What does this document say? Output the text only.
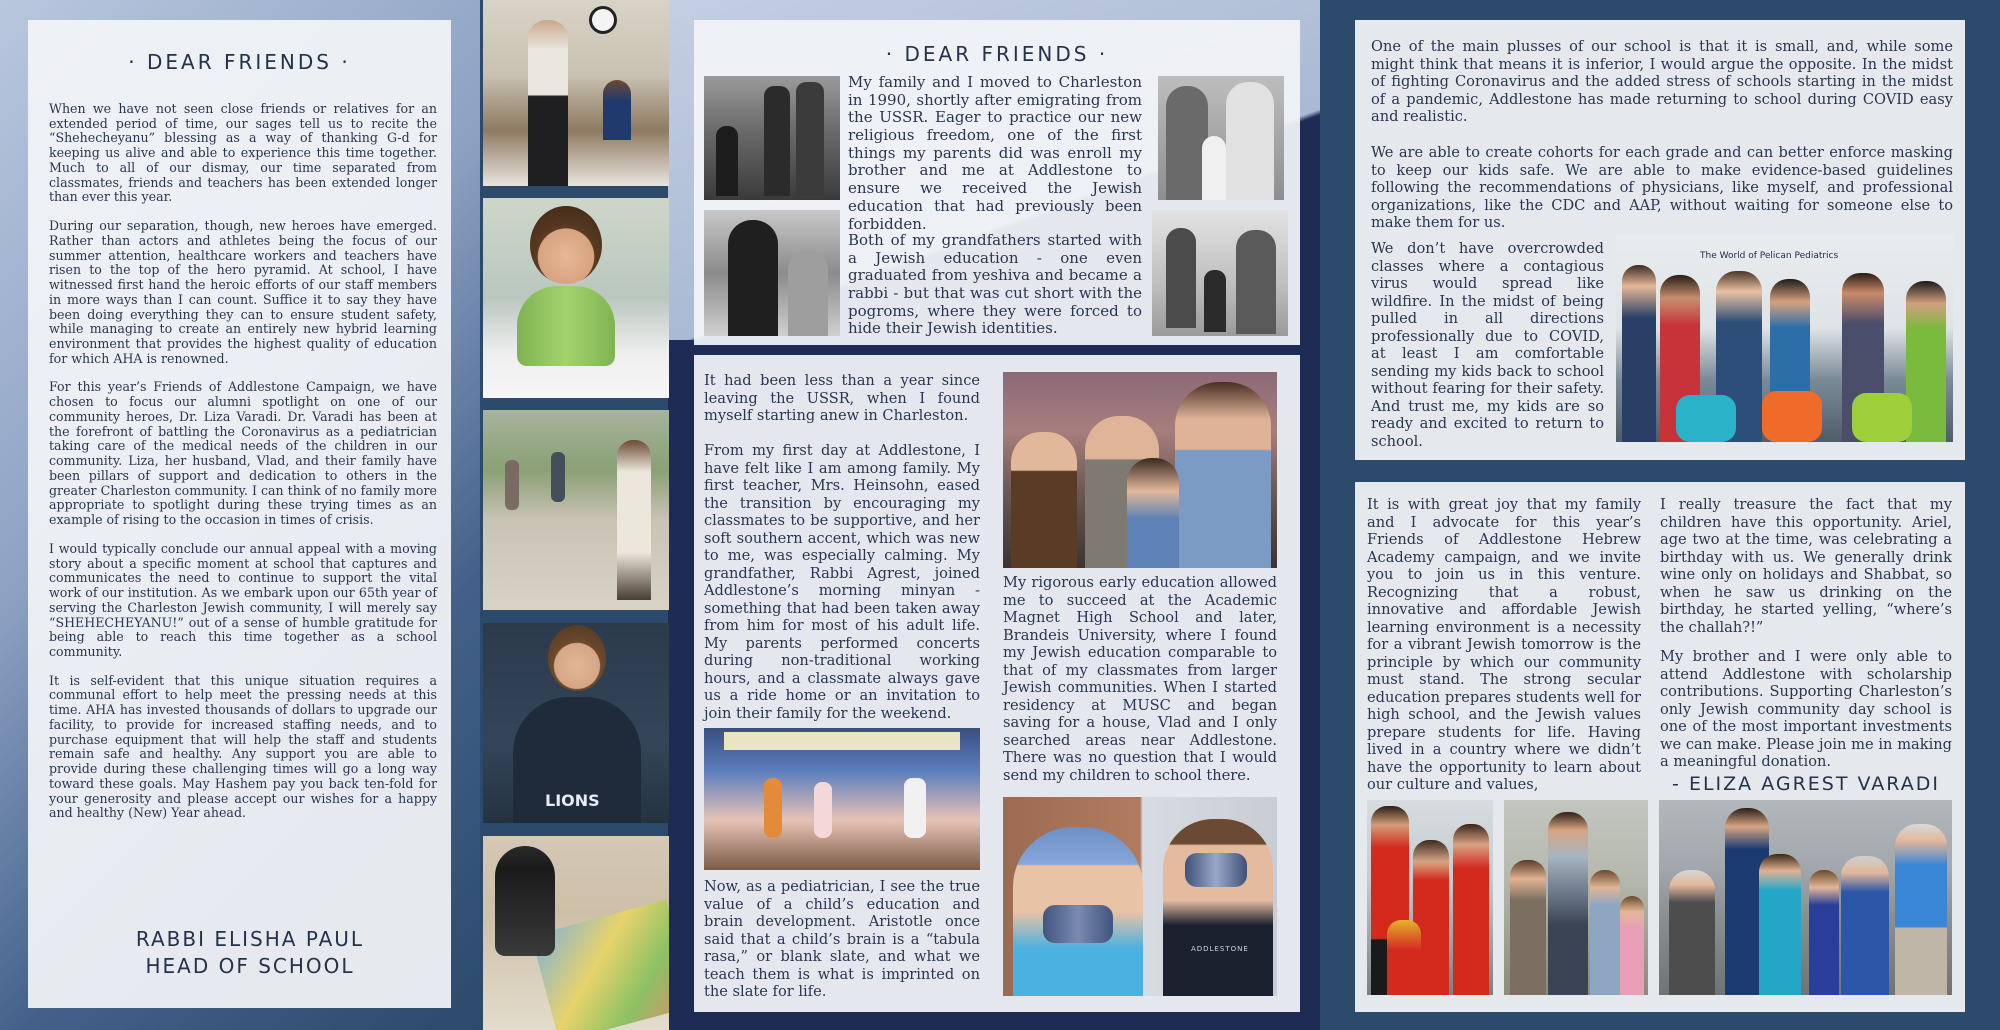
· DEAR FRIENDS ·

When we have not seen close friends or relatives for an extended period of time, our sages tell us to recite the “Shehecheyanu” blessing as a way of thanking G-d for keeping us alive and able to experience this time together. Much to all of our dismay, our time separated from classmates, friends and teachers has been extended longer than ever this year.

During our separation, though, new heroes have emerged. Rather than actors and athletes being the focus of our summer attention, healthcare workers and teachers have risen to the top of the hero pyramid. At school, I have witnessed first hand the heroic efforts of our staff members in more ways than I can count. Suffice it to say they have been doing everything they can to ensure student safety, while managing to create an entirely new hybrid learning environment that provides the highest quality of education for which AHA is renowned.

For this year’s Friends of Addlestone Campaign, we have chosen to focus our alumni spotlight on one of our community heroes, Dr. Liza Varadi. Dr. Varadi has been at the forefront of battling the Coronavirus as a pediatrician taking care of the medical needs of the children in our community. Liza, her husband, Vlad, and their family have been pillars of support and dedication to others in the greater Charleston community. I can think of no family more appropriate to spotlight during these trying times as an example of rising to the occasion in times of crisis.

I would typically conclude our annual appeal with a moving story about a specific moment at school that captures and communicates the need to continue to support the vital work of our institution. As we embark upon our 65th year of serving the Charleston Jewish community, I will merely say “SHEHECHEYANU!” out of a sense of humble gratitude for being able to reach this time together as a school community.

It is self-evident that this unique situation requires a communal effort to help meet the pressing needs at this time. AHA has invested thousands of dollars to upgrade our facility, to provide for increased staffing needs, and to purchase equipment that will help the staff and students remain safe and healthy. Any support you are able to provide during these challenging times will go a long way toward these goals. May Hashem pay you back ten-fold for your generosity and please accept our wishes for a happy and healthy (New) Year ahead.

RABBI ELISHA PAUL
HEAD OF SCHOOL
LIONS
· DEAR FRIENDS ·
My family and I moved to Charleston in 1990, shortly after emigrating from the USSR. Eager to practice our new religious freedom, one of the first things my parents did was enroll my brother and me at Addlestone to ensure we received the Jewish education that had previously been forbidden.
Both of my grandfathers started with a Jewish education - one even graduated from yeshiva and became a rabbi - but that was cut short with the pogroms, where they were forced to hide their Jewish identities.
It had been less than a year since leaving the USSR, when I found myself starting anew in Charleston.
From my first day at Addlestone, I have felt like I am among family. My first teacher, Mrs. Heinsohn, eased the transition by encouraging my classmates to be supportive, and her soft southern accent, which was new to me, was especially calming. My grandfather, Rabbi Agrest, joined Addlestone’s morning minyan - something that had been taken away from him for most of his adult life. My parents performed concerts during non-traditional working hours, and a classmate always gave us a ride home or an invitation to join their family for the weekend.
Now, as a pediatrician, I see the true value of a child’s education and brain development. Aristotle once said that a child’s brain is a “tabula rasa,” or blank slate, and what we teach them is what is imprinted on the slate for life.
My rigorous early education allowed me to succeed at the Academic Magnet High School and later, Brandeis University, where I found my Jewish education comparable to that of my classmates from larger Jewish communities. When I started residency at MUSC and began saving for a house, Vlad and I only searched areas near Addlestone. There was no question that I would send my children to school there.
ADDLESTONE
One of the main plusses of our school is that it is small, and, while some might think that means it is inferior, I would argue the opposite. In the midst of fighting Coronavirus and the added stress of schools starting in the midst of a pandemic, Addlestone has made returning to school during COVID easy and realistic.
We are able to create cohorts for each grade and can better enforce masking to keep our kids safe. We are able to make evidence-based guidelines following the recommendations of physicians, like myself, and professional organizations, like the CDC and AAP, without waiting for someone else to make them for us.
We don’t have overcrowded classes where a contagious virus would spread like wildfire. In the midst of being pulled in all directions professionally due to COVID, at least I am comfortable sending my kids back to school without fearing for their safety. And trust me, my kids are so ready and excited to return to school.
The World of Pelican Pediatrics
It is with great joy that my family and I advocate for this year’s Friends of Addlestone Hebrew Academy campaign, and we invite you to join us in this venture. Recognizing that a robust, innovative and affordable Jewish learning environment is a necessity for a vibrant Jewish tomorrow is the principle by which our community must stand. The strong secular education prepares students well for high school, and the Jewish values prepare students for life. Having lived in a country where we didn’t have the opportunity to learn about our culture and values,
I really treasure the fact that my children have this opportunity. Ariel, age two at the time, was celebrating a birthday with us. We generally drink wine only on holidays and Shabbat, so when he saw us drinking on the birthday, he started yelling, “where’s the challah?!”
My brother and I were only able to attend Addlestone with scholarship contributions. Supporting Charleston’s only Jewish community day school is one of the most important investments we can make. Please join me in making a meaningful donation.
- ELIZA AGREST VARADI
